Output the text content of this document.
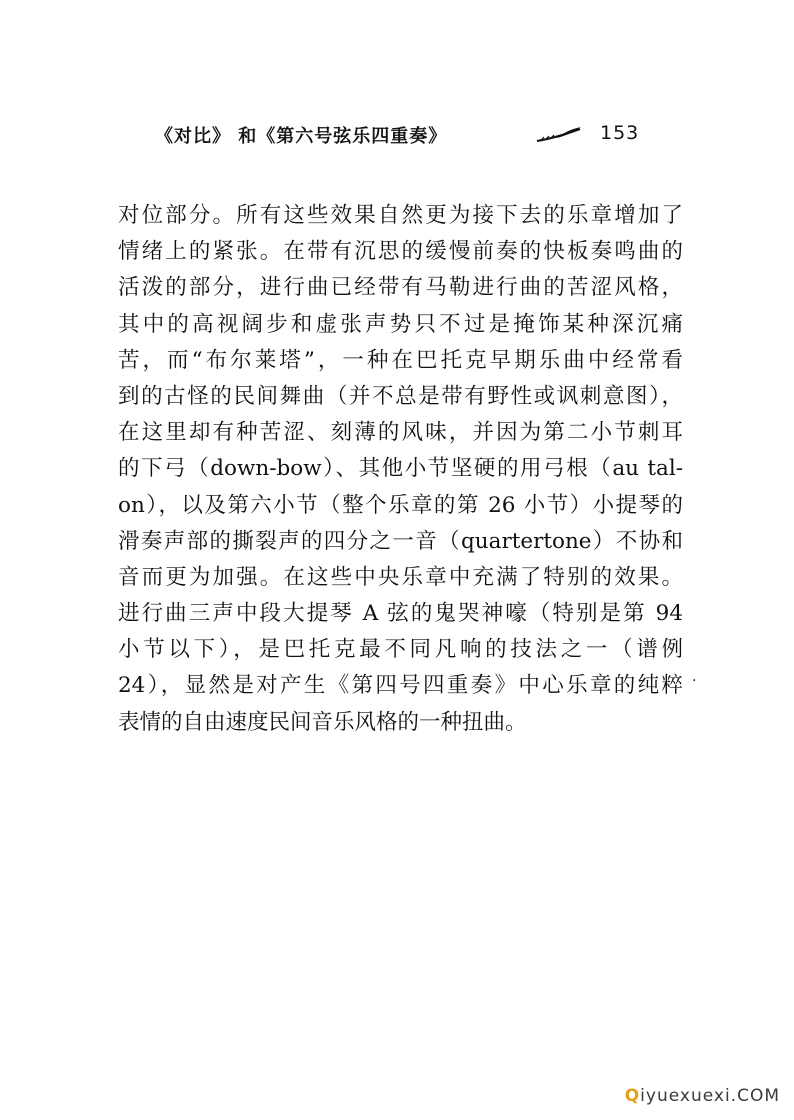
《对比》 和《第六号弦乐四重奏》	153
对位部分。所有这些效果自然更为接下去的乐章增加了
情绪上的紧张。在带有沉思的缓慢前奏的快板奏鸣曲的
活泼的部分，进行曲已经带有马勒进行曲的苦涩风格，
其中的高视阔步和虚张声势只不过是掩饰某种深沉痛
苦，而“布尔莱塔”，一种在巴托克早期乐曲中经常看
到的古怪的民间舞曲（并不总是带有野性或讽刺意图），
在这里却有种苦涩、刻薄的风味，并因为第二小节刺耳
的下弓（down-bow）、其他小节坚硬的用弓根（au tal-
on），以及第六小节（整个乐章的第 26 小节）小提琴的
滑奏声部的撕裂声的四分之一音（quartertone）不协和
音而更为加强。在这些中央乐章中充满了特别的效果。
进行曲三声中段大提琴 A 弦的鬼哭神嚎（特别是第 94
小节以下），是巴托克最不同凡响的技法之一（谱例
24），显然是对产生《第四号四重奏》中心乐章的纯粹
表情的自由速度民间音乐风格的一种扭曲。
.
Qiyuexuexi.COM
